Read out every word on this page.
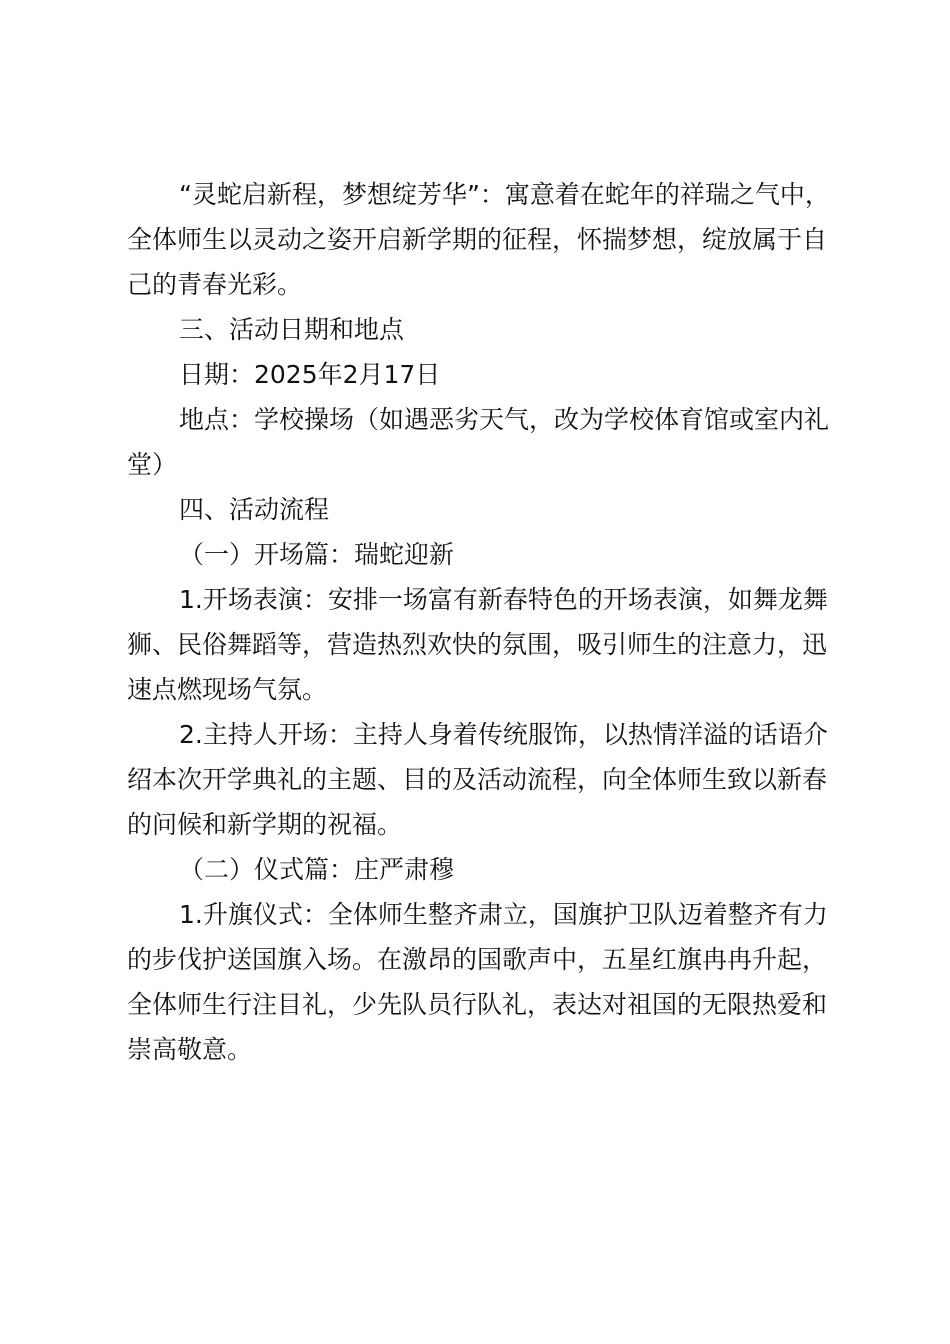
“灵蛇启新程，梦想绽芳华”：寓意着在蛇年的祥瑞之气中，全体师生以灵动之姿开启新学期的征程，怀揣梦想，绽放属于自己的青春光彩。

三、活动日期和地点

日期：2025年2月17日

地点：学校操场（如遇恶劣天气，改为学校体育馆或室内礼堂）

四、活动流程

（一）开场篇：瑞蛇迎新

1.开场表演：安排一场富有新春特色的开场表演，如舞龙舞狮、民俗舞蹈等，营造热烈欢快的氛围，吸引师生的注意力，迅速点燃现场气氛。

2.主持人开场：主持人身着传统服饰，以热情洋溢的话语介绍本次开学典礼的主题、目的及活动流程，向全体师生致以新春的问候和新学期的祝福。

（二）仪式篇：庄严肃穆

1.升旗仪式：全体师生整齐肃立，国旗护卫队迈着整齐有力的步伐护送国旗入场。在激昂的国歌声中，五星红旗冉冉升起，全体师生行注目礼，少先队员行队礼，表达对祖国的无限热爱和崇高敬意。
